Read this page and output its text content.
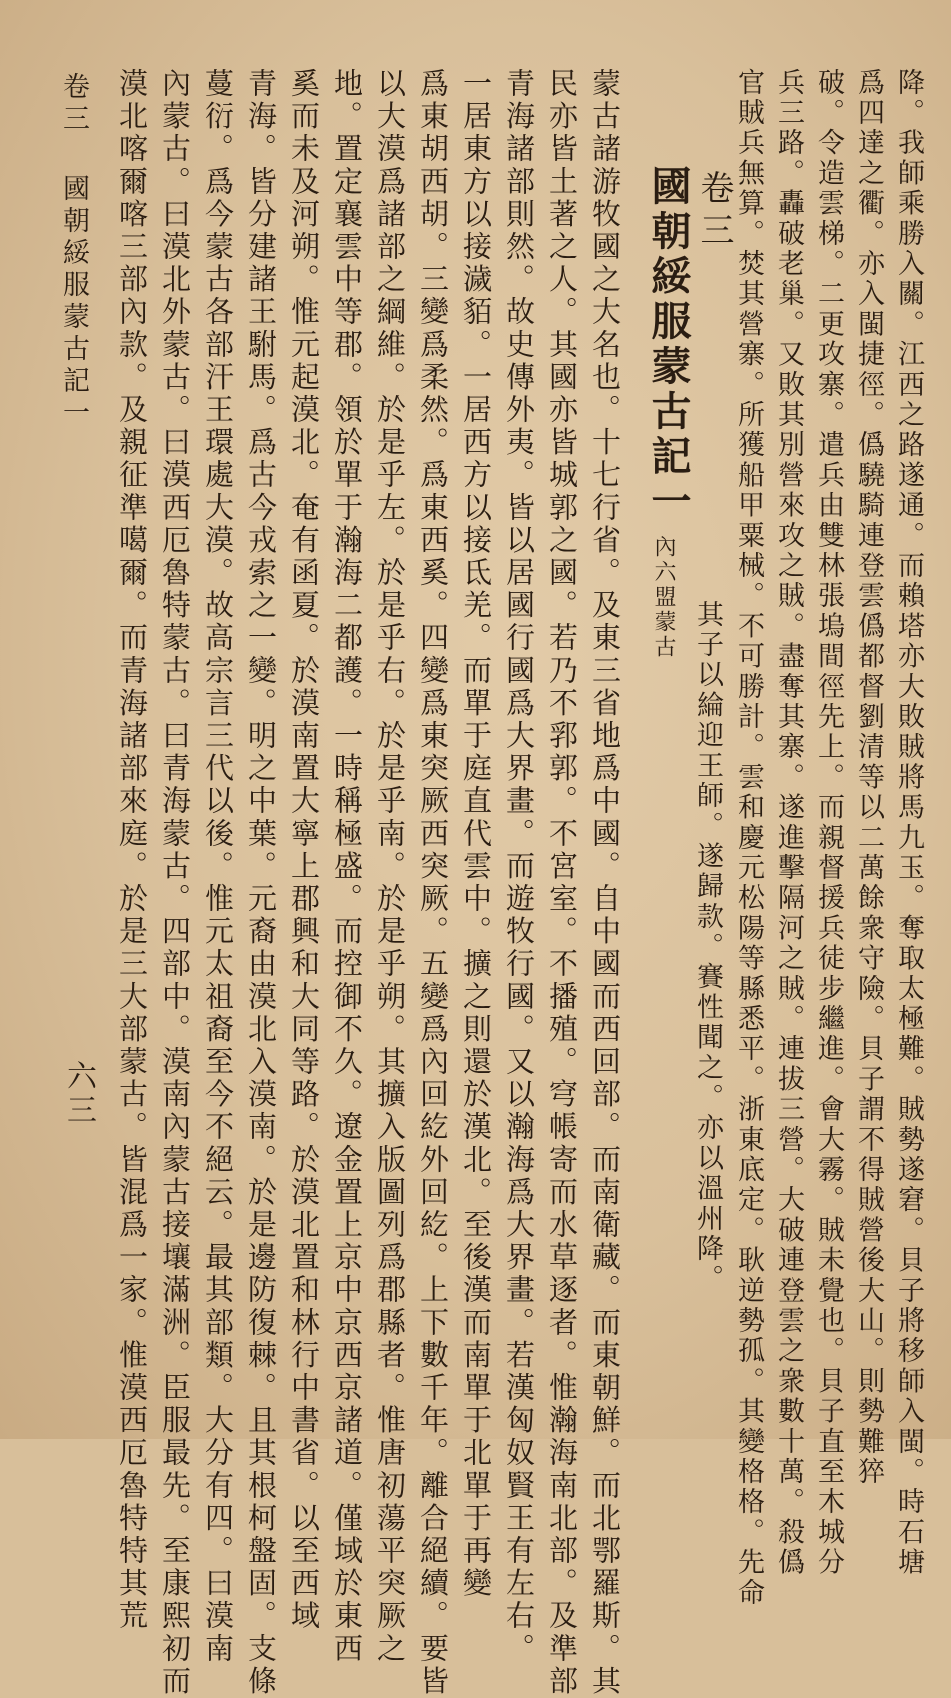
降。我師乘勝入關。江西之路遂通。而賴塔亦大敗賊將馬九玉。奪取太極難。賊勢遂窘。貝子將移師入閩。時石塘
爲四達之衢。亦入閩捷徑。僞驍騎連登雲僞都督劉清等以二萬餘衆守險。貝子謂不得賊營後大山。則勢難猝
破。令造雲梯。二更攻寨。遣兵由雙林張塢間徑先上。而親督援兵徒步繼進。會大霧。賊未覺也。貝子直至木城分
兵三路。轟破老巢。又敗其別營來攻之賊。盡奪其寨。遂進擊隔河之賊。連拔三營。大破連登雲之衆數十萬。殺僞
官賊兵無算。焚其營寨。所獲船甲粟械。不可勝計。雲和慶元松陽等縣悉平。浙東底定。耿逆勢孤。其變格格。先命
其子以綸迎王師。遂歸款。賽性聞之。亦以溫州降。
卷三
國朝綏服蒙古記一
內六盟蒙古
蒙古諸游牧國之大名也。十七行省。及東三省地爲中國。自中國而西回部。而南衛藏。而東朝鮮。而北鄂羅斯。其
民亦皆土著之人。其國亦皆城郭之國。若乃不郛郭。不宮室。不播殖。穹帳寄而水草逐者。惟瀚海南北部。及準部
青海諸部則然。故史傳外夷。皆以居國行國爲大界畫。而遊牧行國。又以瀚海爲大界畫。若漢匈奴賢王有左右。
一居東方以接濊貊。一居西方以接氐羌。而單于庭直代雲中。擴之則還於漢北。至後漢而南單于北單于再變
爲東胡西胡。三變爲柔然。爲東西奚。四變爲東突厥西突厥。五變爲內回紇外回紇。上下數千年。離合絕續。要皆
以大漠爲諸部之綱維。於是乎左。於是乎右。於是乎南。於是乎朔。其擴入版圖列爲郡縣者。惟唐初蕩平突厥之
地。置定襄雲中等郡。領於單于瀚海二都護。一時稱極盛。而控御不久。遼金置上京中京西京諸道。僅域於東西
奚而未及河朔。惟元起漠北。奄有函夏。於漠南置大寧上郡興和大同等路。於漠北置和林行中書省。以至西域
青海。皆分建諸王駙馬。爲古今戎索之一變。明之中葉。元裔由漠北入漠南。於是邊防復棘。且其根柯盤固。支條
蔓衍。爲今蒙古各部汗王環處大漠。故高宗言三代以後。惟元太祖裔至今不絕云。最其部類。大分有四。曰漠南
內蒙古。曰漠北外蒙古。曰漠西厄魯特蒙古。曰青海蒙古。四部中。漠南內蒙古接壤滿洲。臣服最先。至康熙初而
漠北喀爾喀三部內款。及親征準噶爾。而青海諸部來庭。於是三大部蒙古。皆混爲一家。惟漠西厄魯特特其荒
卷三國朝綏服蒙古記一
六三
